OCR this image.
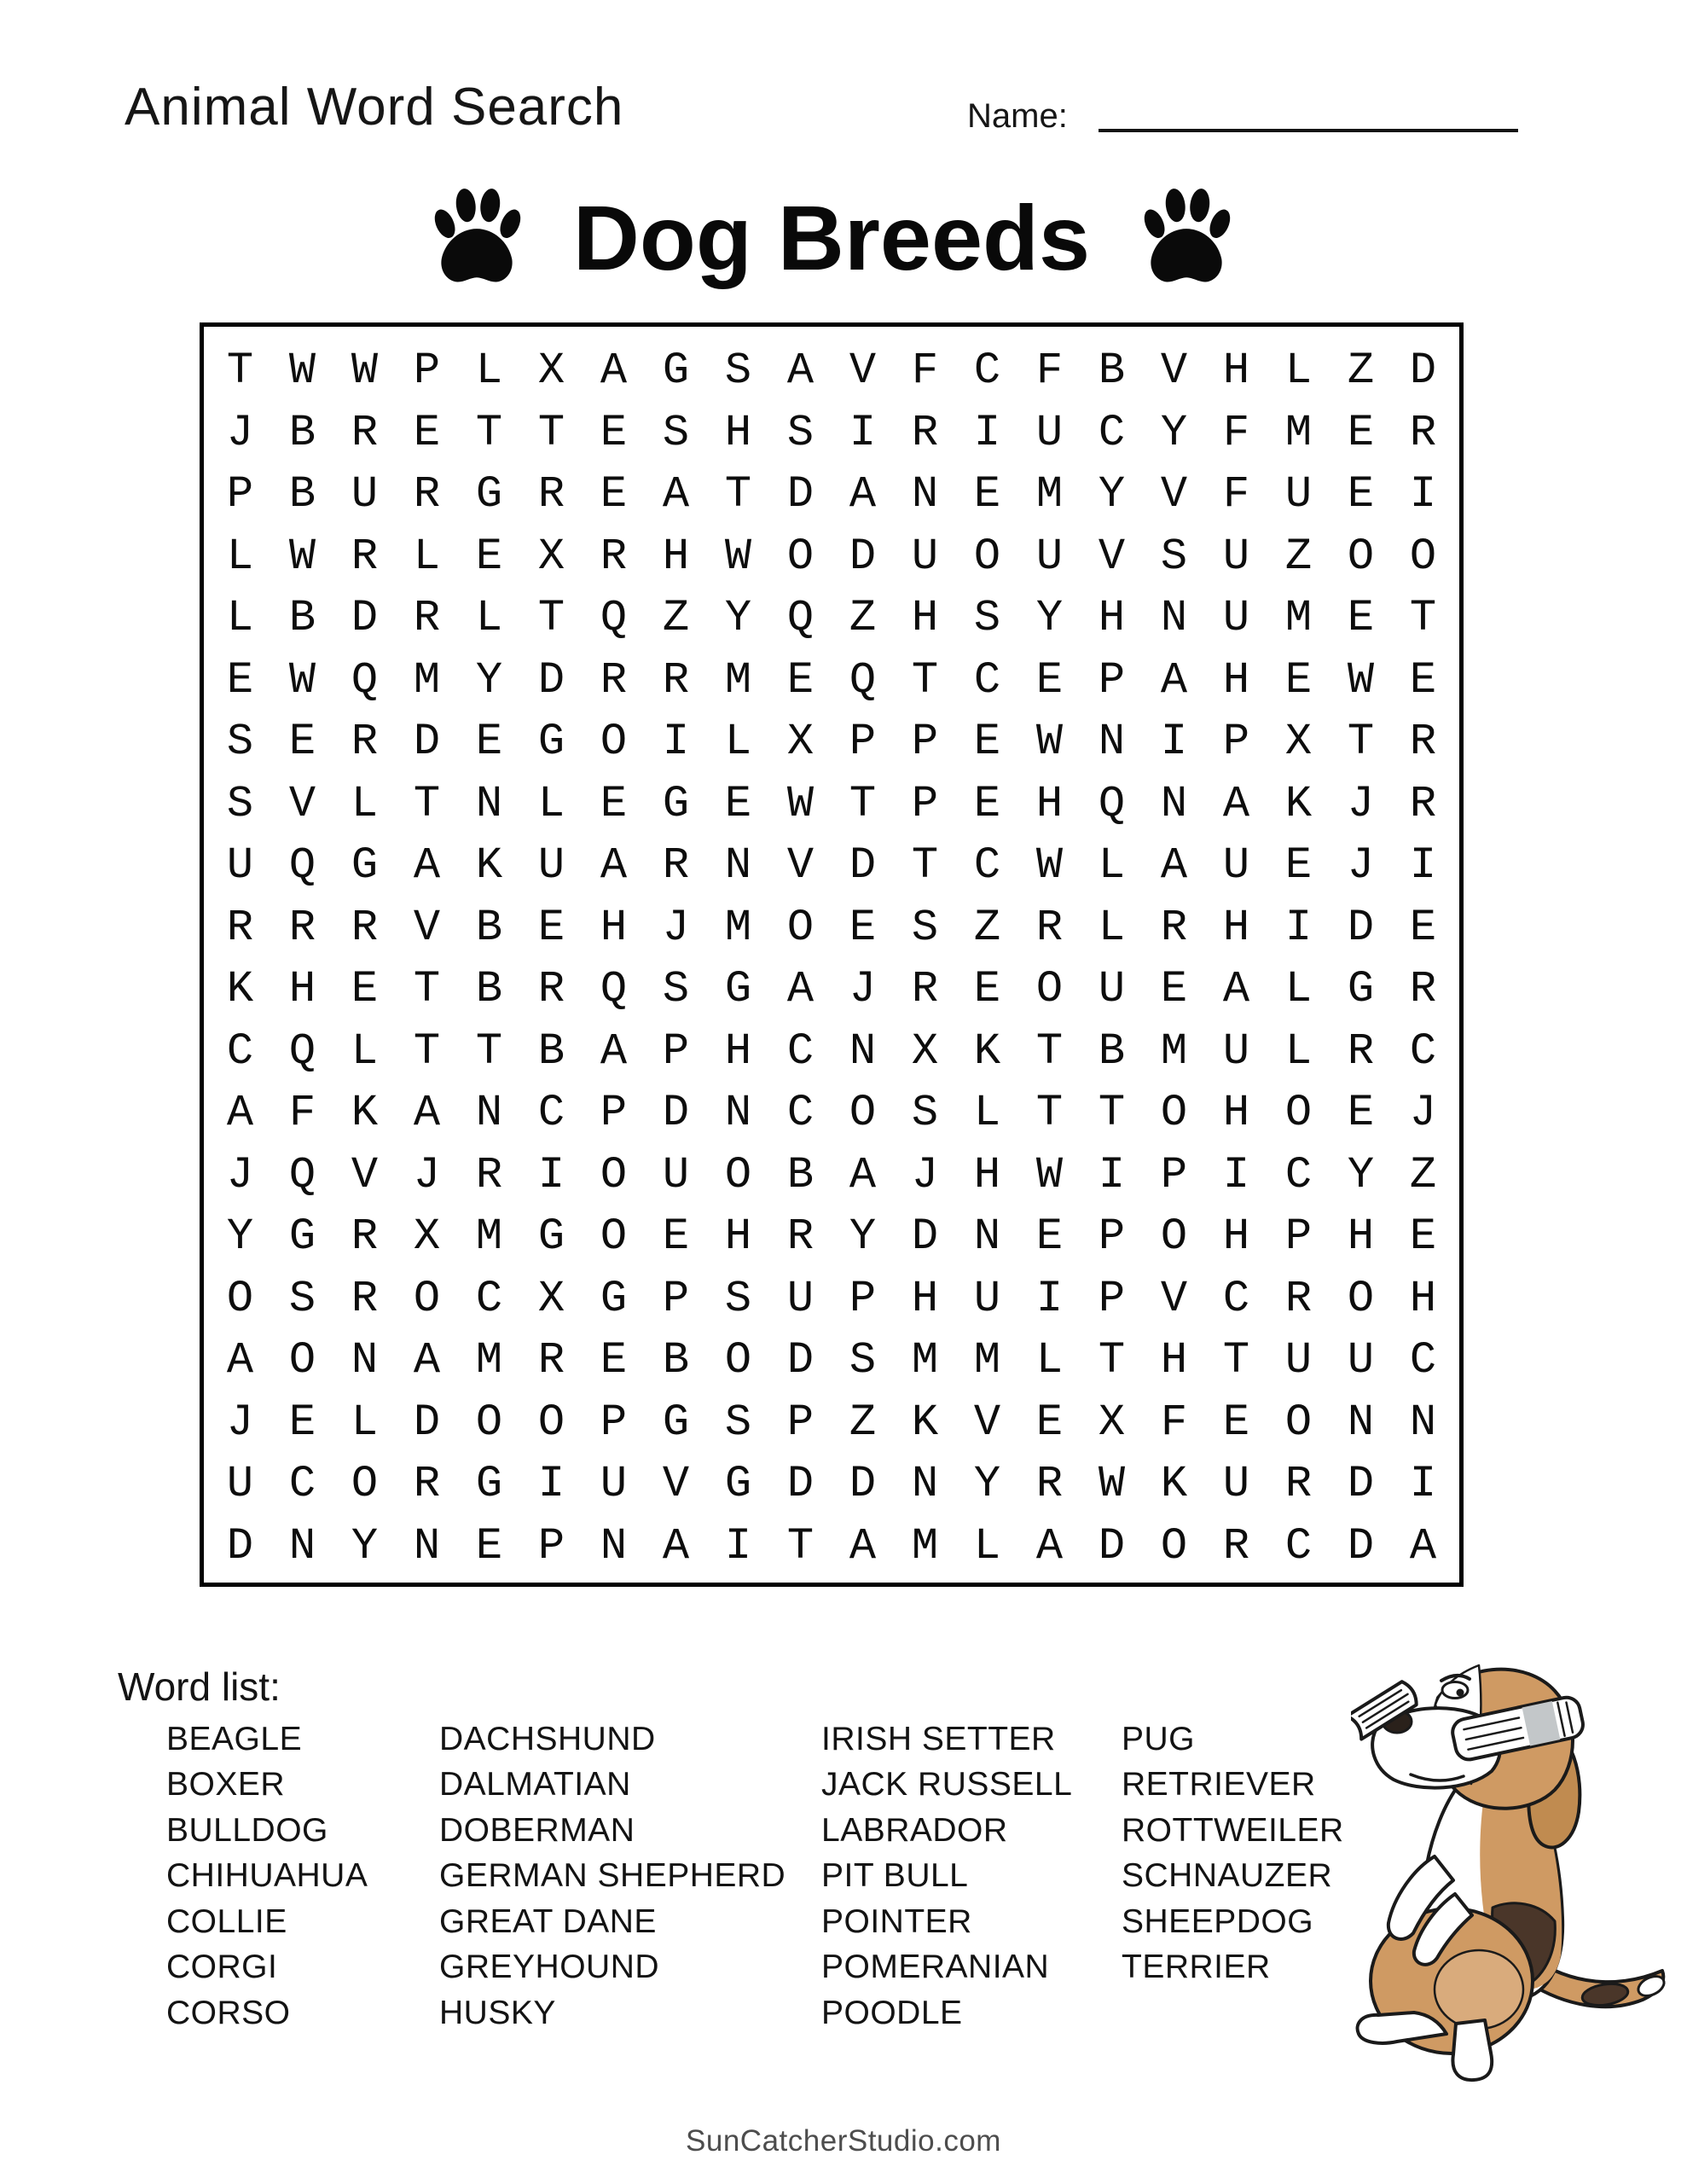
Animal Word Search	Name:
Dog Breeds
T W W P L X A G S A V F C F B V H L Z D
J B R E T T E S H S I R I U C Y F M E R
P B U R G R E A T D A N E M Y V F U E I
L W R L E X R H W O D U O U V S U Z O O
L B D R L T Q Z Y Q Z H S Y H N U M E T
E W Q M Y D R R M E Q T C E P A H E W E
S E R D E G O I L X P P E W N I P X T R
S V L T N L E G E W T P E H Q N A K J R
U Q G A K U A R N V D T C W L A U E J I
R R R V B E H J M O E S Z R L R H I D E
K H E T B R Q S G A J R E O U E A L G R
C Q L T T B A P H C N X K T B M U L R C
A F K A N C P D N C O S L T T O H O E J
J Q V J R I O U O B A J H W I P I C Y Z
Y G R X M G O E H R Y D N E P O H P H E
O S R O C X G P S U P H U I P V C R O H
A O N A M R E B O D S M M L T H T U U C
J E L D O O P G S P Z K V E X F E O N N
U C O R G I U V G D D N Y R W K U R D I
D N Y N E P N A I T A M L A D O R C D A
Word list:
BEAGLE
BOXER
BULLDOG
CHIHUAHUA
COLLIE
CORGI
CORSO
DACHSHUND
DALMATIAN
DOBERMAN
GERMAN SHEPHERD
GREAT DANE
GREYHOUND
HUSKY
IRISH SETTER
JACK RUSSELL
LABRADOR
PIT BULL
POINTER
POMERANIAN
POODLE
PUG
RETRIEVER
ROTTWEILER
SCHNAUZER
SHEEPDOG
TERRIER
SunCatcherStudio.com
